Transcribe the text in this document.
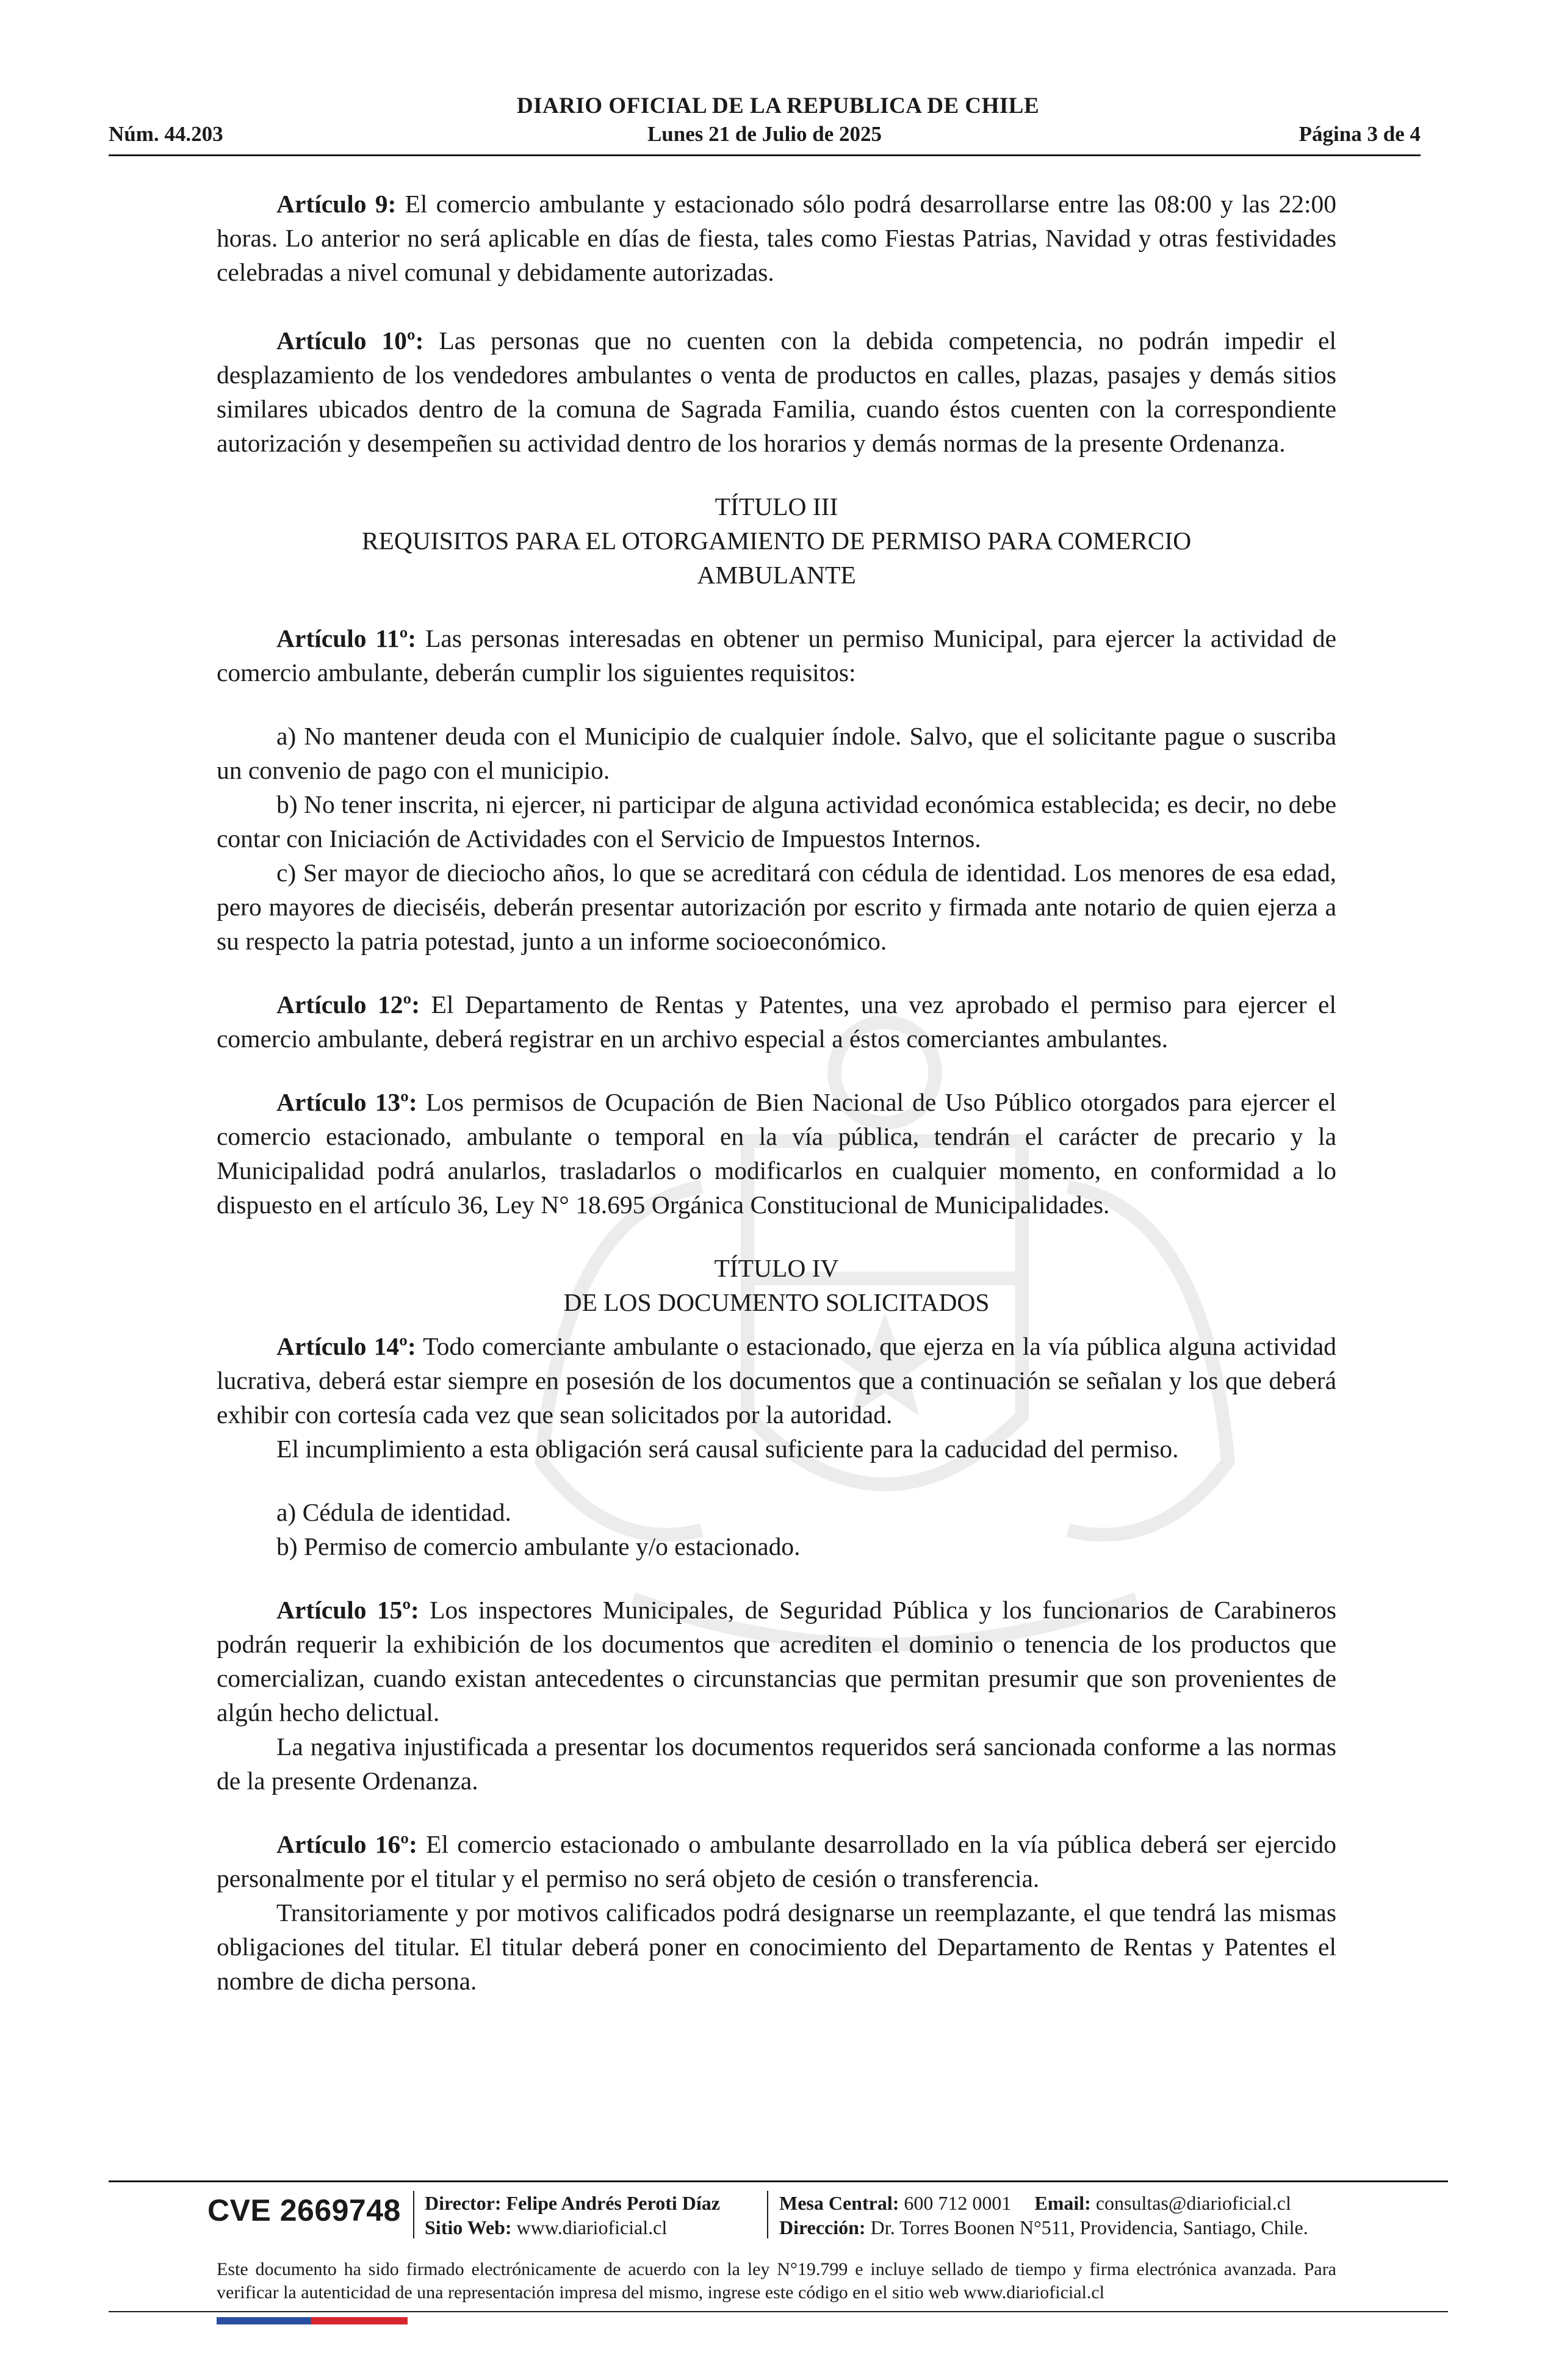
DIARIO OFICIAL DE LA REPUBLICA DE CHILE
Lunes 21 de Julio de 2025
Núm. 44.203	Página 3 de 4

Artículo 9: El comercio ambulante y estacionado sólo podrá desarrollarse entre las 08:00 y las 22:00 horas. Lo anterior no será aplicable en días de fiesta, tales como Fiestas Patrias, Navidad y otras festividades celebradas a nivel comunal y debidamente autorizadas.

Artículo 10º: Las personas que no cuenten con la debida competencia, no podrán impedir el desplazamiento de los vendedores ambulantes o venta de productos en calles, plazas, pasajes y demás sitios similares ubicados dentro de la comuna de Sagrada Familia, cuando éstos cuenten con la correspondiente autorización y desempeñen su actividad dentro de los horarios y demás normas de la presente Ordenanza.

TÍTULO III

REQUISITOS PARA EL OTORGAMIENTO DE PERMISO PARA COMERCIO

AMBULANTE

Artículo 11º: Las personas interesadas en obtener un permiso Municipal, para ejercer la actividad de comercio ambulante, deberán cumplir los siguientes requisitos:

a) No mantener deuda con el Municipio de cualquier índole. Salvo, que el solicitante pague o suscriba un convenio de pago con el municipio.

b) No tener inscrita, ni ejercer, ni participar de alguna actividad económica establecida; es decir, no debe contar con Iniciación de Actividades con el Servicio de Impuestos Internos.

c) Ser mayor de dieciocho años, lo que se acreditará con cédula de identidad. Los menores de esa edad, pero mayores de dieciséis, deberán presentar autorización por escrito y firmada ante notario de quien ejerza a su respecto la patria potestad, junto a un informe socioeconómico.

Artículo 12º: El Departamento de Rentas y Patentes, una vez aprobado el permiso para ejercer el comercio ambulante, deberá registrar en un archivo especial a éstos comerciantes ambulantes.

Artículo 13º: Los permisos de Ocupación de Bien Nacional de Uso Público otorgados para ejercer el comercio estacionado, ambulante o temporal en la vía pública, tendrán el carácter de precario y la Municipalidad podrá anularlos, trasladarlos o modificarlos en cualquier momento, en conformidad a lo dispuesto en el artículo 36, Ley N° 18.695 Orgánica Constitucional de Municipalidades.

TÍTULO IV

DE LOS DOCUMENTO SOLICITADOS

Artículo 14º: Todo comerciante ambulante o estacionado, que ejerza en la vía pública alguna actividad lucrativa, deberá estar siempre en posesión de los documentos que a continuación se señalan y los que deberá exhibir con cortesía cada vez que sean solicitados por la autoridad.

El incumplimiento a esta obligación será causal suficiente para la caducidad del permiso.

a) Cédula de identidad.

b) Permiso de comercio ambulante y/o estacionado.

Artículo 15º: Los inspectores Municipales, de Seguridad Pública y los funcionarios de Carabineros podrán requerir la exhibición de los documentos que acrediten el dominio o tenencia de los productos que comercializan, cuando existan antecedentes o circunstancias que permitan presumir que son provenientes de algún hecho delictual.

La negativa injustificada a presentar los documentos requeridos será sancionada conforme a las normas de la presente Ordenanza.

Artículo 16º: El comercio estacionado o ambulante desarrollado en la vía pública deberá ser ejercido personalmente por el titular y el permiso no será objeto de cesión o transferencia.

Transitoriamente y por motivos calificados podrá designarse un reemplazante, el que tendrá las mismas obligaciones del titular. El titular deberá poner en conocimiento del Departamento de Rentas y Patentes el nombre de dicha persona.

CVE 2669748 Director: Felipe Andrés Peroti Díaz
Sitio Web: www.diarioficial.cl
Mesa Central: 600 712 0001 Email: consultas@diarioficial.cl
Dirección: Dr. Torres Boonen N°511, Providencia, Santiago, Chile.
Este documento ha sido firmado electrónicamente de acuerdo con la ley N°19.799 e incluye sellado de tiempo y firma electrónica avanzada. Para verificar la autenticidad de una representación impresa del mismo, ingrese este código en el sitio web www.diarioficial.cl
